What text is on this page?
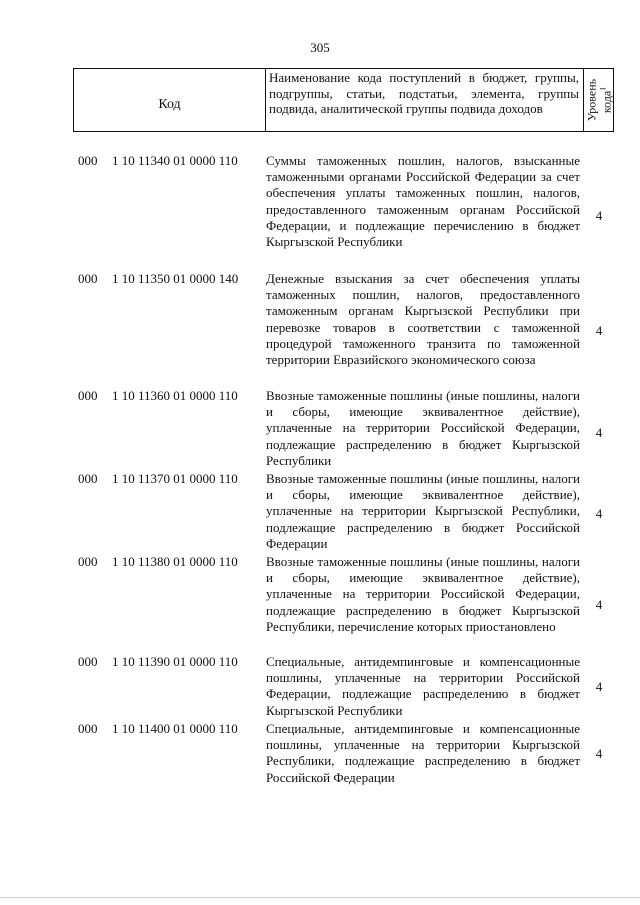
305
Код
Наименование кода поступлений в бюджет, группы, подгруппы, статьи, подстатьи, элемента, группы подвида, аналитической группы подвида доходов	Уровень
кода$^1$
000 1 10 11340 01 0000 110 Суммы таможенных пошлин, налогов, взысканные таможенными органами Российской Федерации за счет обеспечения уплаты таможенных пошлин, налогов, предоставленного таможенным органам Российской Федерации, и подлежащие перечислению в бюджет Кыргызской Республики
4
000 1 10 11350 01 0000 140 Денежные взыскания за счет обеспечения уплаты таможенных пошлин, налогов, предоставленного таможенным органам Кыргызской Республики при перевозке товаров в соответствии с таможенной процедурой таможенного транзита по таможенной территории Евразийского экономического союза
4
000 1 10 11360 01 0000 110 Ввозные таможенные пошлины (иные пошлины, налоги и сборы, имеющие эквивалентное действие), уплаченные на территории Российской Федерации, подлежащие распределению в бюджет Кыргызской Республики
4
000 1 10 11370 01 0000 110 Ввозные таможенные пошлины (иные пошлины, налоги и сборы, имеющие эквивалентное действие), уплаченные на территории Кыргызской Республики, подлежащие распределению в бюджет Российской Федерации
4
000 1 10 11380 01 0000 110 Ввозные таможенные пошлины (иные пошлины, налоги и сборы, имеющие эквивалентное действие), уплаченные на территории Российской Федерации, подлежащие распределению в бюджет Кыргызской Республики, перечисление которых приостановлено
4
000 1 10 11390 01 0000 110 Специальные, антидемпинговые и компенсационные пошлины, уплаченные на территории Российской Федерации, подлежащие распределению в бюджет Кыргызской Республики
4
000 1 10 11400 01 0000 110 Специальные, антидемпинговые и компенсационные пошлины, уплаченные на территории Кыргызской Республики, подлежащие распределению в бюджет Российской Федерации
4
